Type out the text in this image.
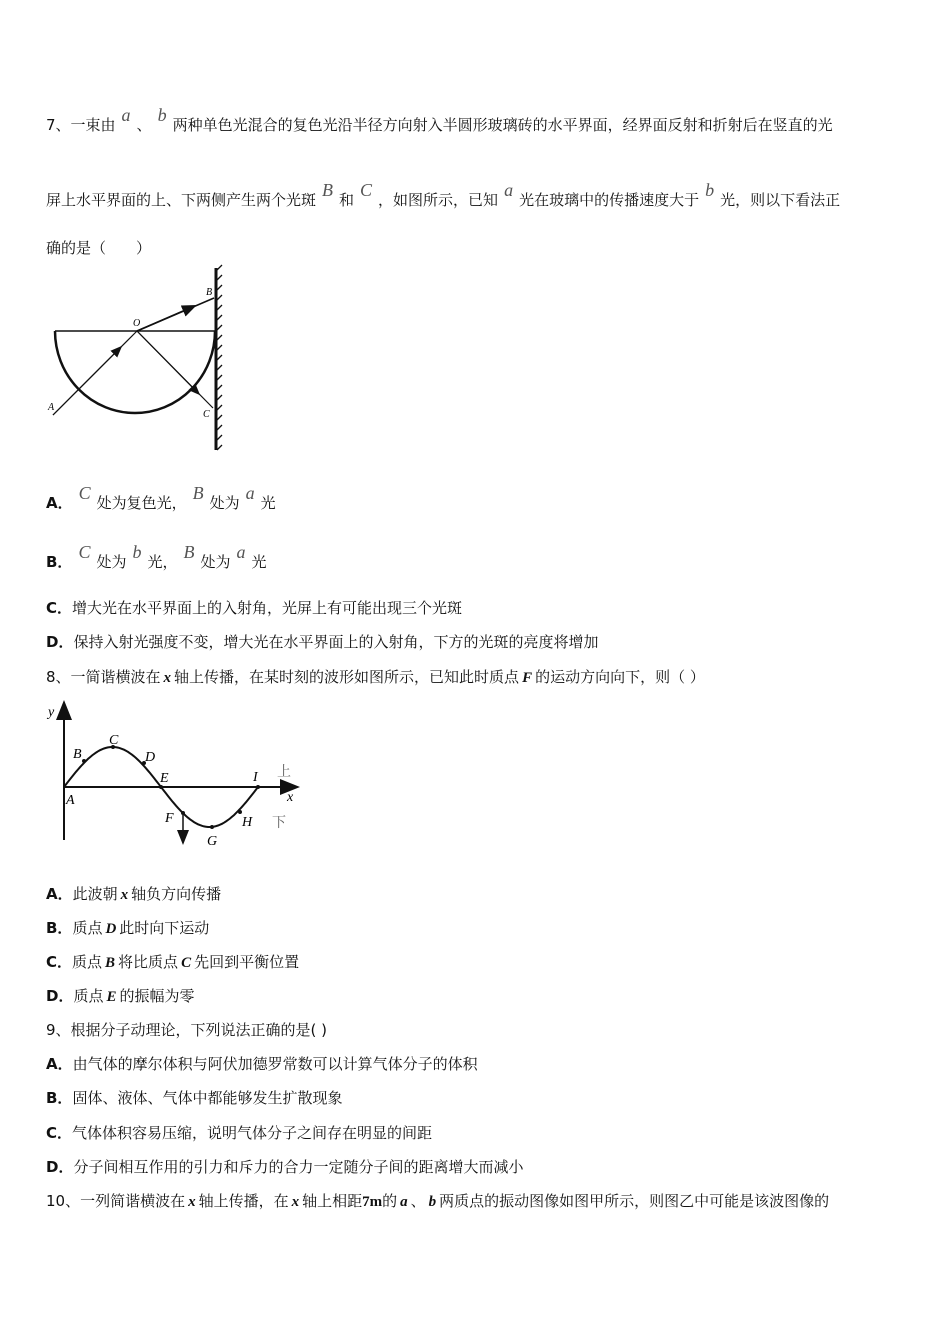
7、一束由 a 、 b 两种单色光混合的复色光沿半径方向射入半圆形玻璃砖的水平界面，经界面反射和折射后在竖直的光
屏上水平界面的上、下两侧产生两个光斑 B 和 C ，如图所示，已知 a 光在玻璃中的传播速度大于 b 光，则以下看法正
确的是（　　）
O
A
B
C
A． C 处为复色光， B 处为 a 光
B． C 处为 b 光， B 处为 a 光
C．增大光在水平界面上的入射角，光屏上有可能出现三个光斑
D．保持入射光强度不变，增大光在水平界面上的入射角，下方的光斑的亮度将增加
8、一简谐横波在 x 轴上传播，在某时刻的波形如图所示，已知此时质点 F 的运动方向向下，则（ ）
y
x
A
B
C
D
E
F
G
H
I 上
下
A．此波朝 x 轴负方向传播
B．质点 D 此时向下运动
C．质点 B 将比质点 C 先回到平衡位置
D．质点 E 的振幅为零
9、根据分子动理论，下列说法正确的是( )
A．由气体的摩尔体积与阿伏加德罗常数可以计算气体分子的体积
B．固体、液体、气体中都能够发生扩散现象
C．气体体积容易压缩，说明气体分子之间存在明显的间距
D．分子间相互作用的引力和斥力的合力一定随分子间的距离增大而减小
10、一列简谐横波在 x 轴上传播，在 x 轴上相距7m的 a 、 b 两质点的振动图像如图甲所示，则图乙中可能是该波图像的
